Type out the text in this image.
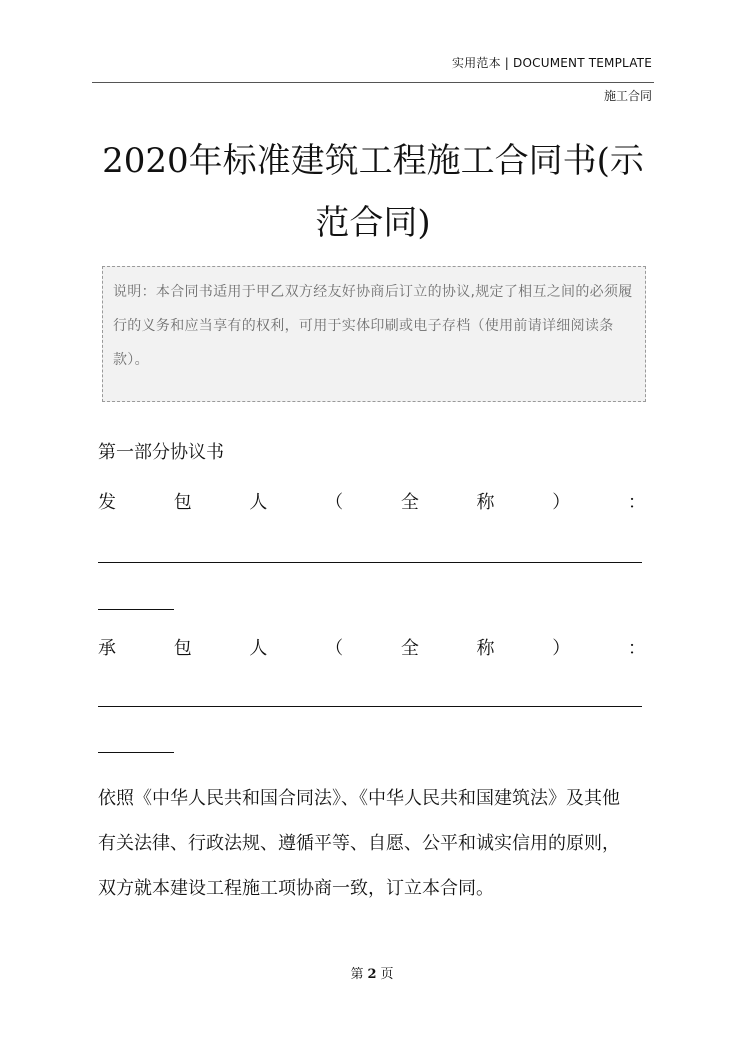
实用范本 | DOCUMENT TEMPLATE
施工合同
2020年标准建筑工程施工合同书(示范合同)

说明：本合同书适用于甲乙双方经友好协商后订立的协议,规定了相互之间的必须履行的义务和应当享有的权利，可用于实体印刷或电子存档（使用前请详细阅读条款）。

第一部分协议书
发	包	人	（	全	称	）	：
承	包	人	（	全	称	）	：
依照《中华人民共和国合同法》、《中华人民共和国建筑法》及其他
有关法律、行政法规、遵循平等、自愿、公平和诚实信用的原则，
双方就本建设工程施工项协商一致，订立本合同。
第 2 页
